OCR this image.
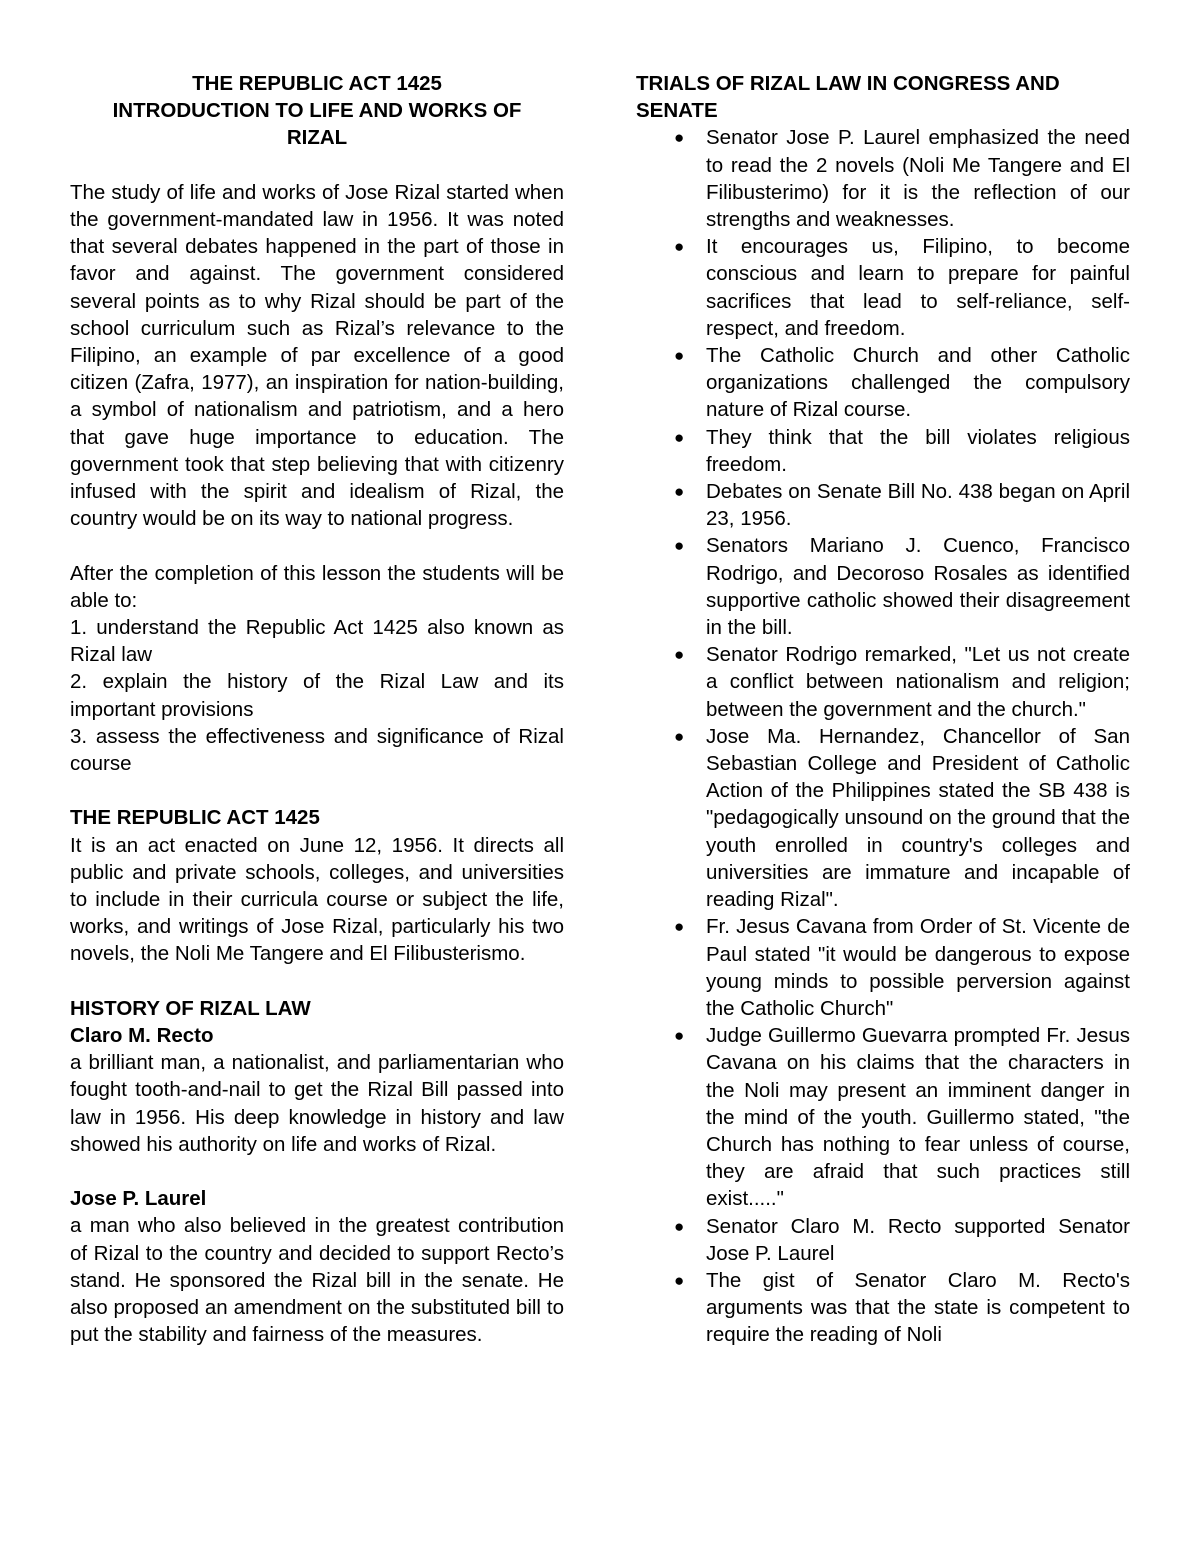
THE REPUBLIC ACT 1425
INTRODUCTION TO LIFE AND WORKS OF
RIZAL

The study of life and works of Jose Rizal started when the government-mandated law in 1956. It was noted that several debates happened in the part of those in favor and against. The government considered several points as to why Rizal should be part of the school curriculum such as Rizal’s relevance to the Filipino, an example of par excellence of a good citizen (Zafra, 1977), an inspiration for nation-building, a symbol of nationalism and patriotism, and a hero that gave huge importance to education. The government took that step believing that with citizenry infused with the spirit and idealism of Rizal, the country would be on its way to national progress.

After the completion of this lesson the students will be able to:

1. understand the Republic Act 1425 also known as Rizal law

2. explain the history of the Rizal Law and its important provisions

3. assess the effectiveness and significance of Rizal course

THE REPUBLIC ACT 1425

It is an act enacted on June 12, 1956. It directs all public and private schools, colleges, and universities to include in their curricula course or subject the life, works, and writings of Jose Rizal, particularly his two novels, the Noli Me Tangere and El Filibusterismo.

HISTORY OF RIZAL LAW

Claro M. Recto

a brilliant man, a nationalist, and parliamentarian who fought tooth-and-nail to get the Rizal Bill passed into law in 1956. His deep knowledge in history and law showed his authority on life and works of Rizal.

Jose P. Laurel

a man who also believed in the greatest contribution of Rizal to the country and decided to support Recto’s stand. He sponsored the Rizal bill in the senate. He also proposed an amendment on the substituted bill to put the stability and fairness of the measures.

TRIALS OF RIZAL LAW IN CONGRESS AND SENATE

● Senator Jose P. Laurel emphasized the need to read the 2 novels (Noli Me Tangere and El Filibusterimo) for it is the reflection of our strengths and weaknesses.
● It encourages us, Filipino, to become conscious and learn to prepare for painful sacrifices that lead to self-reliance, self-respect, and freedom.
● The Catholic Church and other Catholic organizations challenged the compulsory nature of Rizal course.
● They think that the bill violates religious freedom.
● Debates on Senate Bill No. 438 began on April 23, 1956.
● Senators Mariano J. Cuenco, Francisco Rodrigo, and Decoroso Rosales as identified supportive catholic showed their disagreement in the bill.
● Senator Rodrigo remarked, "Let us not create a conflict between nationalism and religion; between the government and the church."
● Jose Ma. Hernandez, Chancellor of San Sebastian College and President of Catholic Action of the Philippines stated the SB 438 is "pedagogically unsound on the ground that the youth enrolled in country's colleges and universities are immature and incapable of reading Rizal".
● Fr. Jesus Cavana from Order of St. Vicente de Paul stated "it would be dangerous to expose young minds to possible perversion against the Catholic Church"
● Judge Guillermo Guevarra prompted Fr. Jesus Cavana on his claims that the characters in the Noli may present an imminent danger in the mind of the youth. Guillermo stated, "the Church has nothing to fear unless of course, they are afraid that such practices still exist....."
● Senator Claro M. Recto supported Senator Jose P. Laurel
● The gist of Senator Claro M. Recto's arguments was that the state is competent to require the reading of Noli
